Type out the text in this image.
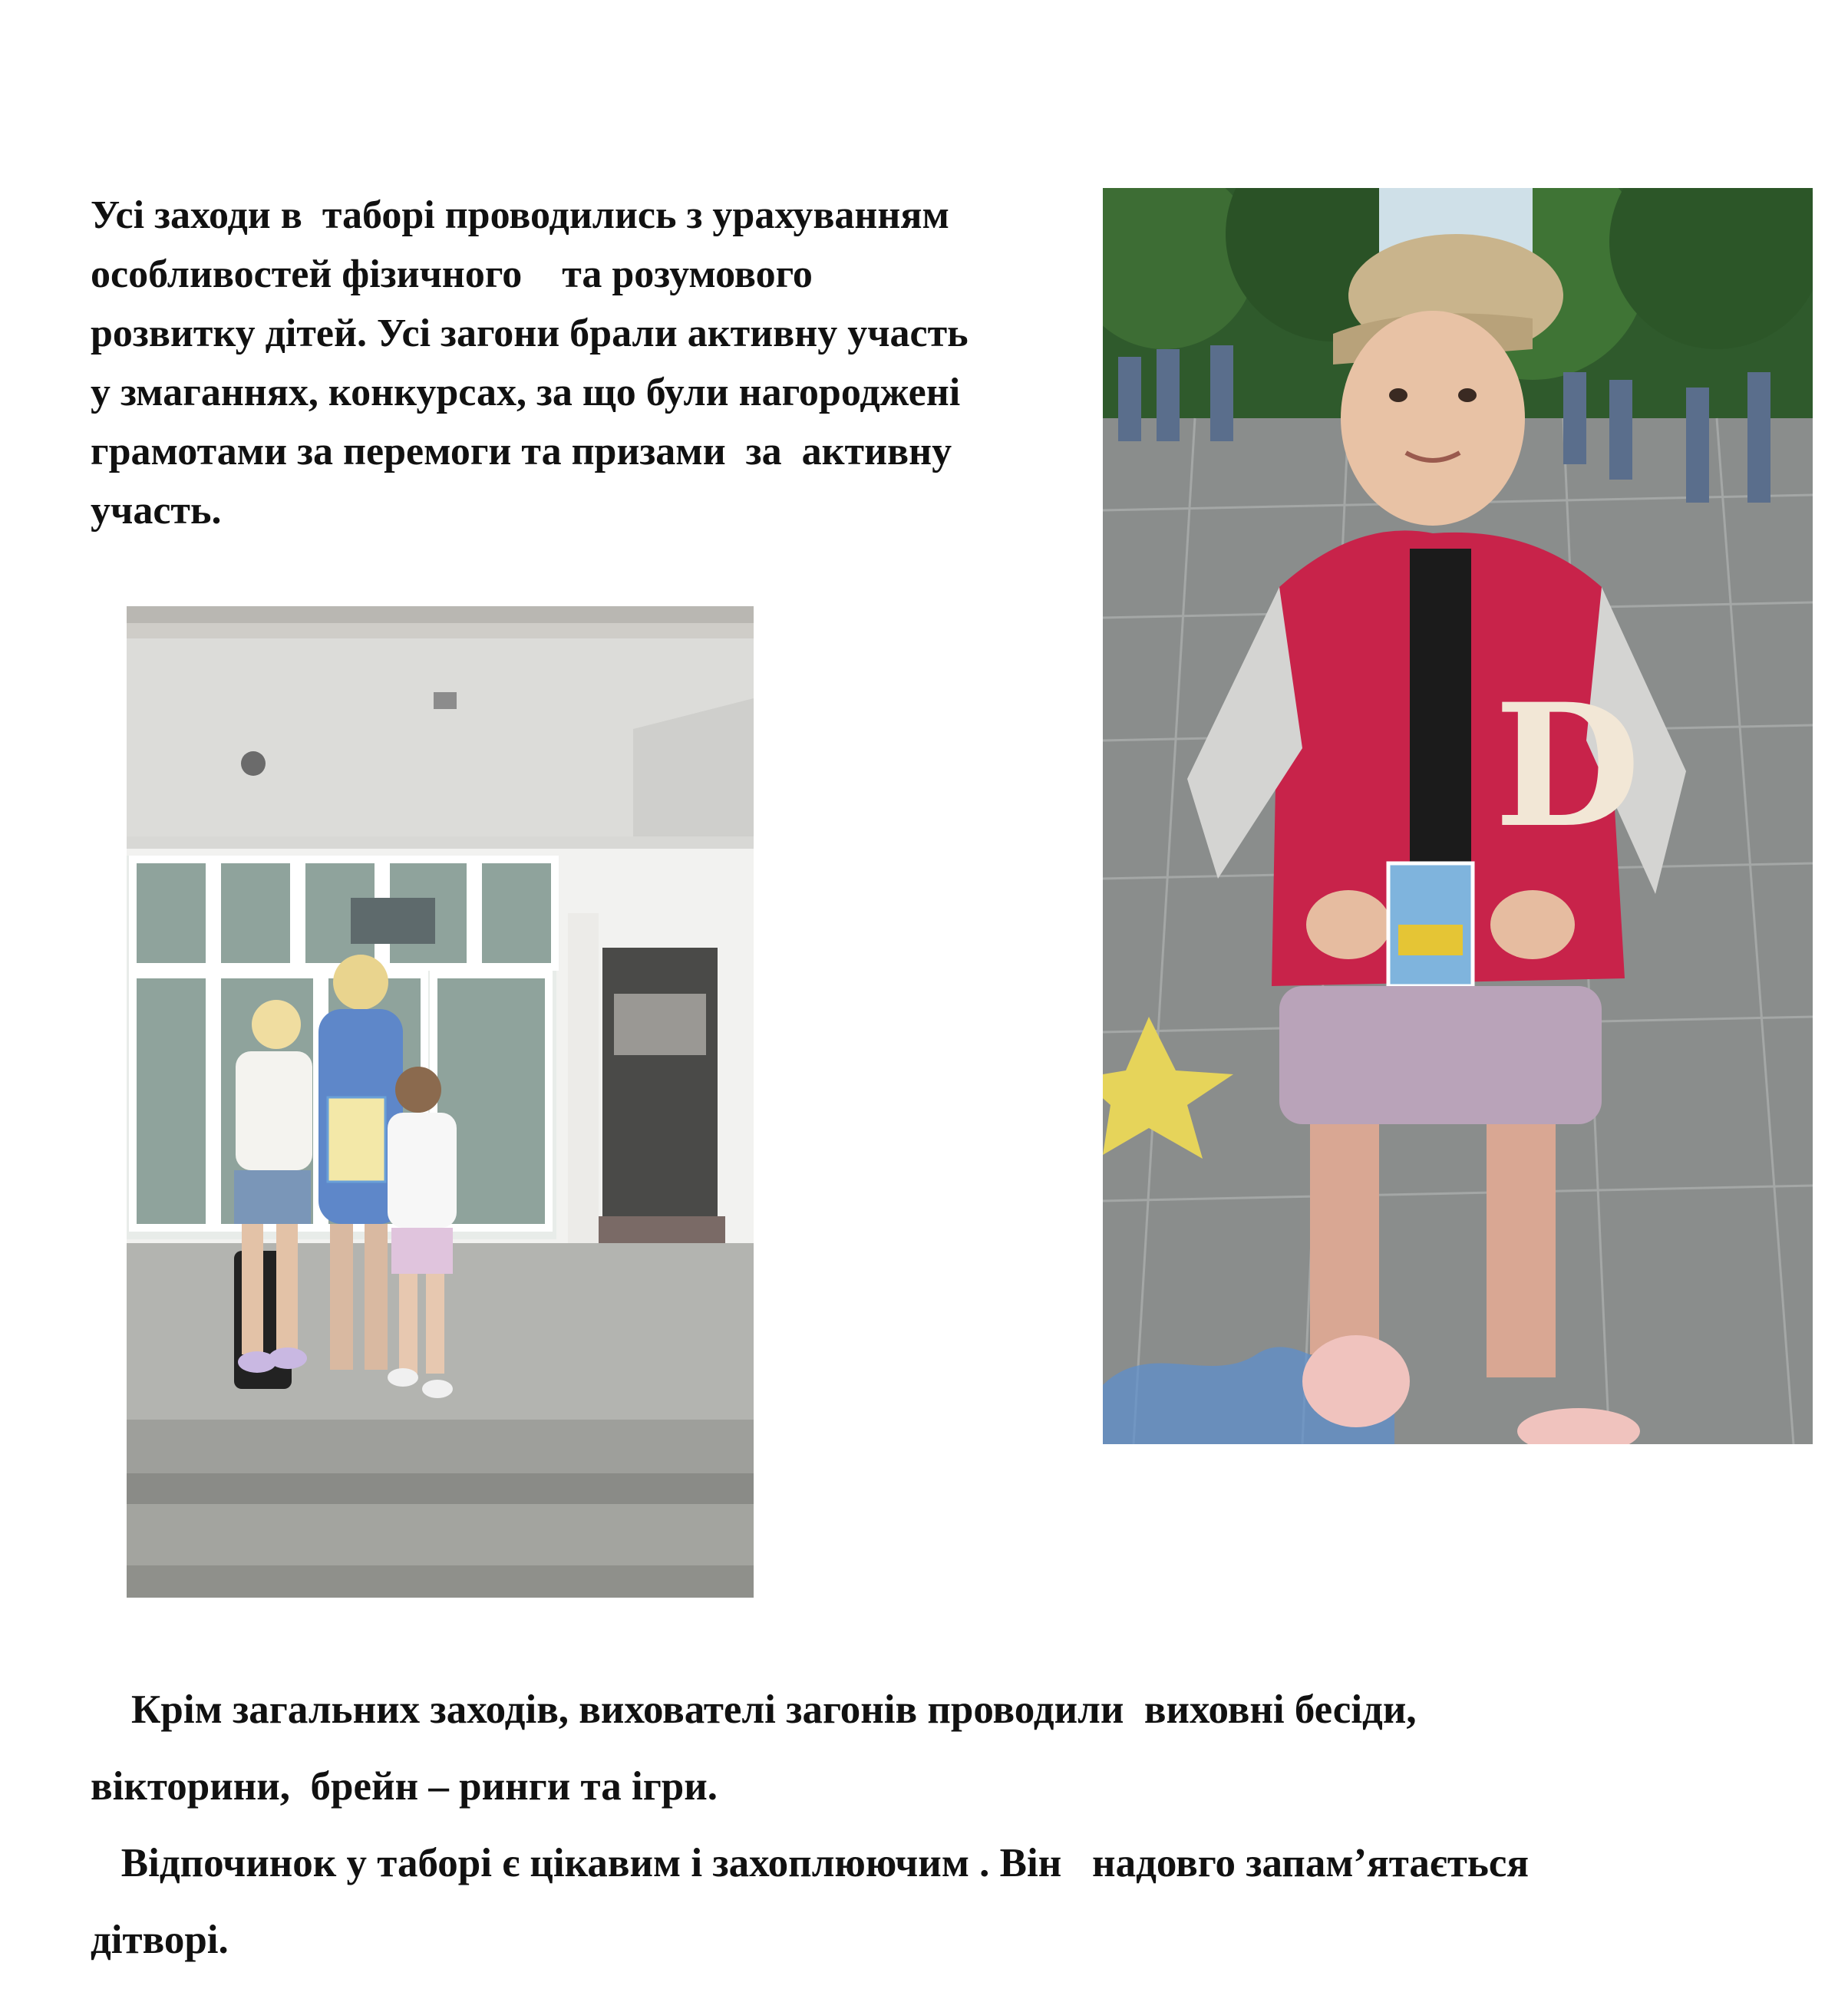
Усі заходи в  таборі проводились з урахуванням
особливостей фізичного    та розумового
розвитку дітей. Усі загони брали активну участь
у змаганнях, конкурсах, за що були нагороджені
грамотами за перемоги та призами  за  активну
участь.
D
Крім загальних заходів, вихователі загонів проводили  виховні бесіди,
вікторини,  брейн – ринги та ігри.
Відпочинок у таборі є цікавим і захоплюючим . Він   надовго запам’ятається
дітворі.
